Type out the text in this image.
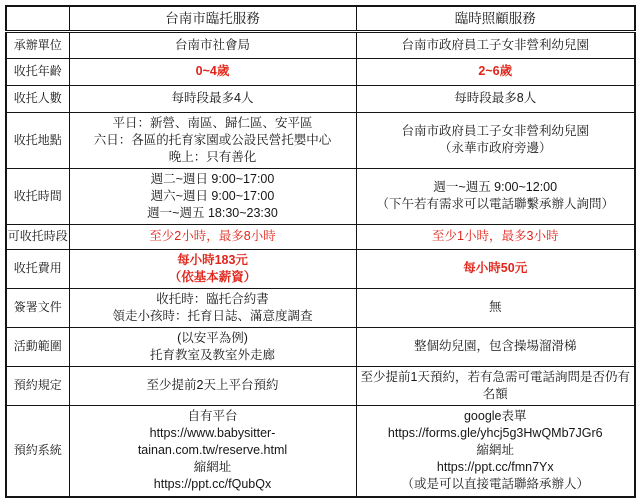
	台南市臨托服務	臨時照顧服務
承辦單位	台南市社會局	台南市政府員工子女非營利幼兒園

收托年齡	0~4歲	2~6歲

收托人數	每時段最多4人	每時段最多8人

收托地點	平日：新營、南區、歸仁區、安平區
六日：各區的托育家園或公設民營托嬰中心
晚上：只有善化	台南市政府員工子女非營利幼兒園
（永華市政府旁邊）

收托時間	週二~週日 9:00~17:00
週六~週日 9:00~17:00
週一~週五 18:30~23:30	週一~週五 9:00~12:00
（下午若有需求可以電話聯繫承辦人詢問）

可收托時段	至少2小時，最多8小時	至少1小時，最多3小時

收托費用	每小時183元
（依基本薪資）	每小時50元

簽署文件	收托時：臨托合約書
領走小孩時：托育日誌、滿意度調查	無

活動範圍	(以安平為例)
托育教室及教室外走廊	整個幼兒園，包含操場溜滑梯

預約規定	至少提前2天上平台預約	至少提前1天預約，若有急需可電話詢問是否仍有名額

預約系統	自有平台
https://www.babysitter-
tainan.com.tw/reserve.html
縮網址
https://ppt.cc/fQubQx	google表單
https://forms.gle/yhcj5g3HwQMb7JGr6
縮網址
https://ppt.cc/fmn7Yx
（或是可以直接電話聯絡承辦人）
